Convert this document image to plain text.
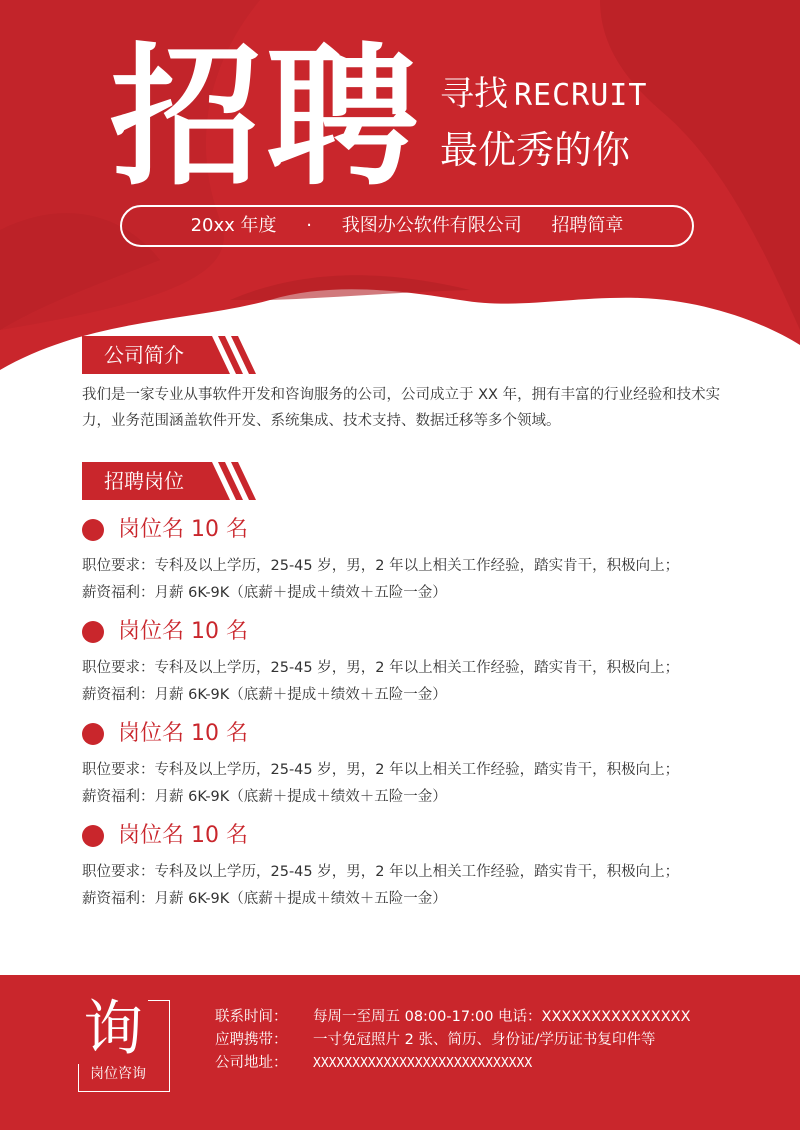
招聘 寻找 RECRUIT
最优秀的你
20xx 年度 · 我图办公软件有限公司 招聘简章
公司简介
我们是一家专业从事软件开发和咨询服务的公司，公司成立于 XX 年，拥有丰富的行业经验和技术实力，业务范围涵盖软件开发、系统集成、技术支持、数据迁移等多个领域。
招聘岗位
岗位名 10 名
职位要求：专科及以上学历，25-45 岁，男，2 年以上相关工作经验，踏实肯干，积极向上；
薪资福利：月薪 6K-9K（底薪＋提成＋绩效＋五险一金）
岗位名 10 名
职位要求：专科及以上学历，25-45 岁，男，2 年以上相关工作经验，踏实肯干，积极向上；
薪资福利：月薪 6K-9K（底薪＋提成＋绩效＋五险一金）
岗位名 10 名
职位要求：专科及以上学历，25-45 岁，男，2 年以上相关工作经验，踏实肯干，积极向上；
薪资福利：月薪 6K-9K（底薪＋提成＋绩效＋五险一金）
岗位名 10 名
职位要求：专科及以上学历，25-45 岁，男，2 年以上相关工作经验，踏实肯干，积极向上；
薪资福利：月薪 6K-9K（底薪＋提成＋绩效＋五险一金）
询
岗位咨询
联系时间： 每周一至周五 08:00-17:00 电话：XXXXXXXXXXXXXXX
应聘携带： 一寸免冠照片 2 张、简历、身份证/学历证书复印件等
公司地址： XXXXXXXXXXXXXXXXXXXXXXXXXXXX
